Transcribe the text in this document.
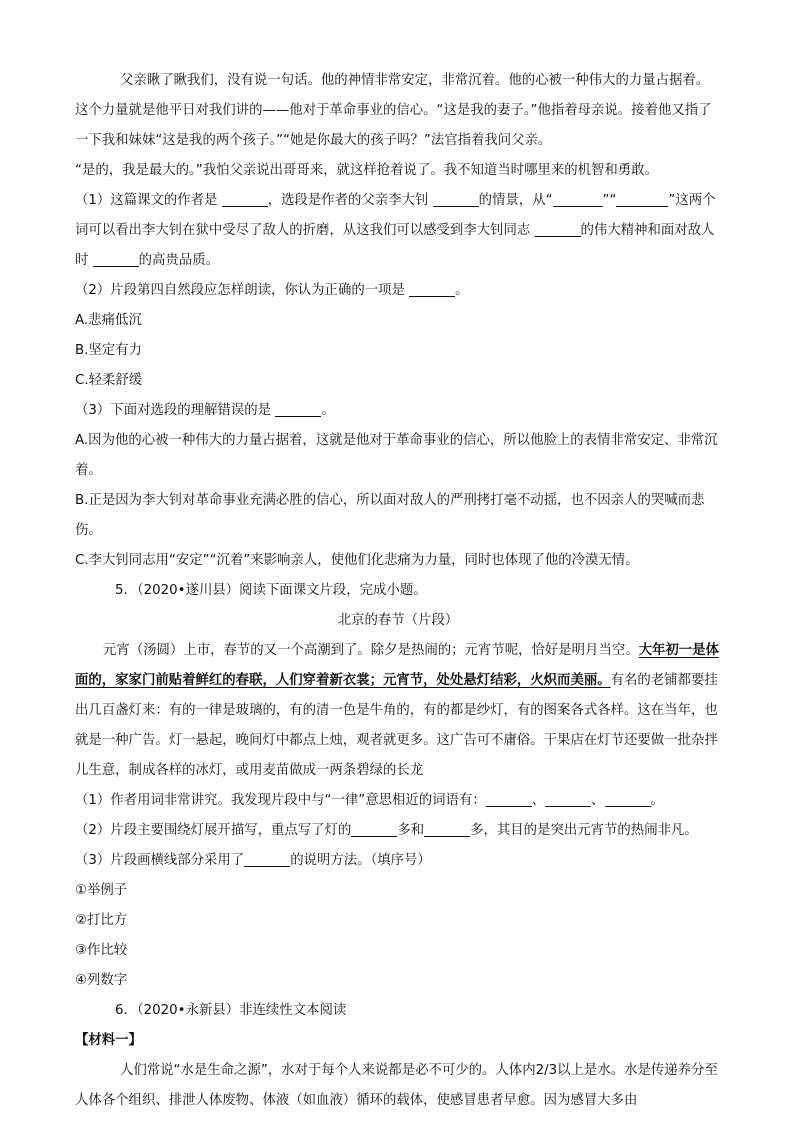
父亲瞅了瞅我们，没有说一句话。他的神情非常安定，非常沉着。他的心被一种伟大的力量占据着。这个力量就是他平日对我们讲的——他对于革命事业的信心。“这是我的妻子。”他指着母亲说。接着他又指了一下我和妹妹“这是我的两个孩子。”“她是你最大的孩子吗？”法官指着我问父亲。

“是的，我是最大的。”我怕父亲说出哥哥来，就这样抢着说了。我不知道当时哪里来的机智和勇敢。

（1）这篇课文的作者是	，选段是作者的父亲李大钊	的情景，从“	”“	”这两个词可以看出李大钊在狱中受尽了敌人的折磨，从这我们可以感受到李大钊同志	的伟大精神和面对敌人时	的高贵品质。

（2）片段第四自然段应怎样朗读，你认为正确的一项是	。

A.悲痛低沉

B.坚定有力

C.轻柔舒缓

（3）下面对选段的理解错误的是	。

A.因为他的心被一种伟大的力量占据着，这就是他对于革命事业的信心，所以他脸上的表情非常安定、非常沉着。

B.正是因为李大钊对革命事业充满必胜的信心，所以面对敌人的严刑拷打毫不动摇，也不因亲人的哭喊而悲伤。

C.李大钊同志用“安定”“沉着”来影响亲人，使他们化悲痛为力量，同时也体现了他的冷漠无情。

5．（2020•遂川县）阅读下面课文片段，完成小题。

北京的春节（片段）

元宵（汤圆）上市，春节的又一个高潮到了。除夕是热闹的；元宵节呢，恰好是明月当空。大年初一是体面的，家家门前贴着鲜红的春联，人们穿着新衣裳；元宵节，处处悬灯结彩，火炽而美丽。有名的老铺都要挂出几百盏灯来：有的一律是玻璃的，有的清一色是牛角的，有的都是纱灯，有的图案各式各样。这在当年，也就是一种广告。灯一悬起，晚间灯中都点上烛，观者就更多。这广告可不庸俗。干果店在灯节还要做一批杂拌儿生意，制成各样的冰灯，或用麦苗做成一两条碧绿的长龙

（1）作者用词非常讲究。我发现片段中与“一律”意思相近的词语有：	、	、	。

（2）片段主要围绕灯展开描写，重点写了灯的	多和	多，其目的是突出元宵节的热闹非凡。

（3）片段画横线部分采用了	的说明方法。（填序号）

①举例子

②打比方

③作比较

④列数字

6．（2020•永新县）非连续性文本阅读

【材料一】

人们常说“水是生命之源”，水对于每个人来说都是必不可少的。人体内2/3以上是水。水是传递养分至人体各个组织、排泄人体废物、体液（如血液）循环的载体，使感冒患者早愈。因为感冒大多由
